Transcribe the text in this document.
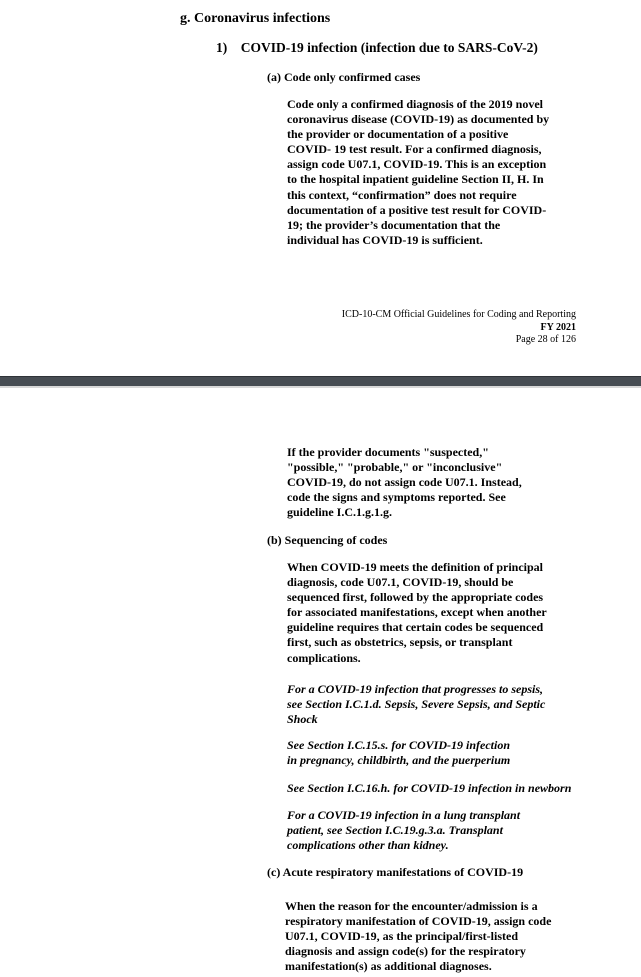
g. Coronavirus infections
1) COVID-19 infection (infection due to SARS-CoV-2)
(a) Code only confirmed cases
Code only a confirmed diagnosis of the 2019 novel
coronavirus disease (COVID-19) as documented by
the provider or documentation of a positive
COVID- 19 test result. For a confirmed diagnosis,
assign code U07.1, COVID-19. This is an exception
to the hospital inpatient guideline Section II, H. In
this context, “confirmation” does not require
documentation of a positive test result for COVID-
19; the provider’s documentation that the
individual has COVID-19 is sufficient.
ICD-10-CM Official Guidelines for Coding and Reporting
FY 2021
Page 28 of 126
If the provider documents "suspected,"
"possible," "probable," or "inconclusive"
COVID-19, do not assign code U07.1. Instead,
code the signs and symptoms reported. See
guideline I.C.1.g.1.g.
(b) Sequencing of codes
When COVID-19 meets the definition of principal
diagnosis, code U07.1, COVID-19, should be
sequenced first, followed by the appropriate codes
for associated manifestations, except when another
guideline requires that certain codes be sequenced
first, such as obstetrics, sepsis, or transplant
complications.
For a COVID-19 infection that progresses to sepsis,
see Section I.C.1.d. Sepsis, Severe Sepsis, and Septic
Shock
See Section I.C.15.s. for COVID-19 infection
in pregnancy, childbirth, and the puerperium
See Section I.C.16.h. for COVID-19 infection in newborn
For a COVID-19 infection in a lung transplant
patient, see Section I.C.19.g.3.a. Transplant
complications other than kidney.
(c) Acute respiratory manifestations of COVID-19
When the reason for the encounter/admission is a
respiratory manifestation of COVID-19, assign code
U07.1, COVID-19, as the principal/first-listed
diagnosis and assign code(s) for the respiratory
manifestation(s) as additional diagnoses.
